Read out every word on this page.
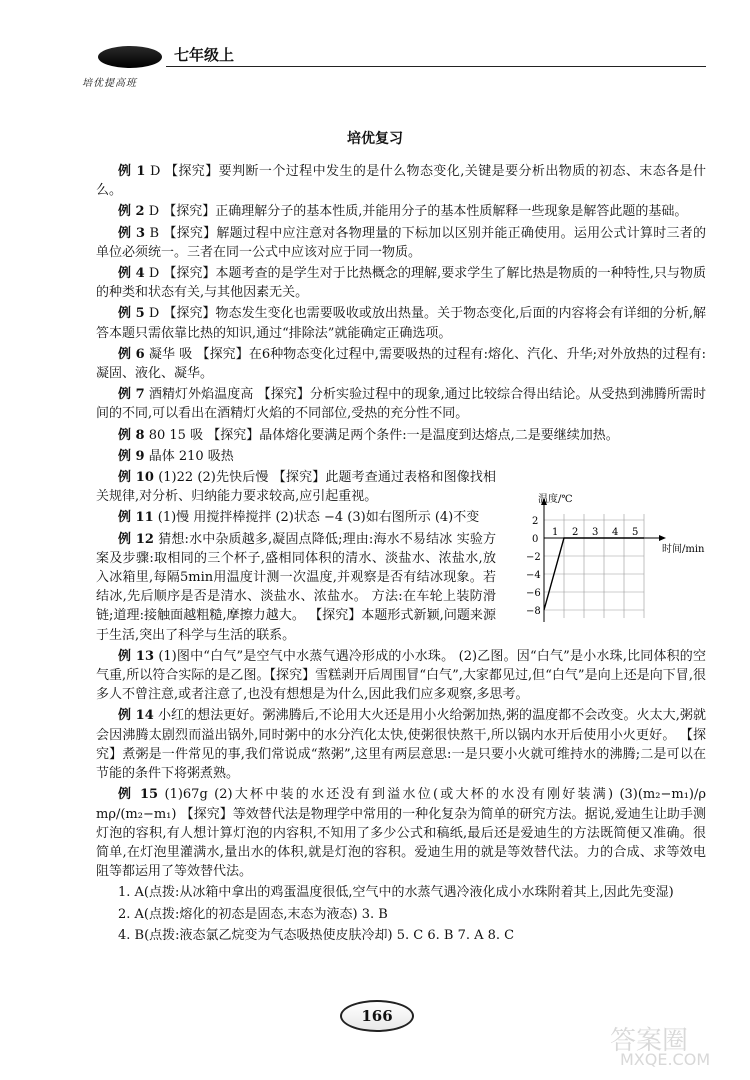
培优提高班
七年级上
培优复习
例 1 D 【探究】要判断一个过程中发生的是什么物态变化,关键是要分析出物质的初态、末态各是什么。
例 2 D 【探究】正确理解分子的基本性质,并能用分子的基本性质解释一些现象是解答此题的基础。
例 3 B 【探究】解题过程中应注意对各物理量的下标加以区别并能正确使用。运用公式计算时三者的单位必须统一。三者在同一公式中应该对应于同一物质。
例 4 D 【探究】本题考查的是学生对于比热概念的理解,要求学生了解比热是物质的一种特性,只与物质的种类和状态有关,与其他因素无关。
例 5 D 【探究】物态发生变化也需要吸收或放出热量。关于物态变化,后面的内容将会有详细的分析,解答本题只需依靠比热的知识,通过“排除法”就能确定正确选项。
例 6 凝华 吸 【探究】在6种物态变化过程中,需要吸热的过程有:熔化、汽化、升华;对外放热的过程有:凝固、液化、凝华。
例 7 酒精灯外焰温度高 【探究】分析实验过程中的现象,通过比较综合得出结论。从受热到沸腾所需时间的不同,可以看出在酒精灯火焰的不同部位,受热的充分性不同。
例 8 80 15 吸 【探究】晶体熔化要满足两个条件:一是温度到达熔点,二是要继续加热。
例 9 晶体 210 吸热
例 10 (1)22 (2)先快后慢 【探究】此题考查通过表格和图像找相关规律,对分析、归纳能力要求较高,应引起重视。
例 11 (1)慢 用搅拌棒搅拌 (2)状态 −4 (3)如右图所示 (4)不变
例 12 猜想:水中杂质越多,凝固点降低;理由:海水不易结冰 实验方案及步骤:取相同的三个杯子,盛相同体积的清水、淡盐水、浓盐水,放入冰箱里,每隔5min用温度计测一次温度,并观察是否有结冰现象。若结冰,先后顺序是否是清水、淡盐水、浓盐水。 方法:在车轮上装防滑链;道理:接触面越粗糙,摩擦力越大。 【探究】本题形式新颖,问题来源于生活,突出了科学与生活的联系。
例 13 (1)图中“白气”是空气中水蒸气遇冷形成的小水珠。 (2)乙图。因“白气”是小水珠,比同体积的空气重,所以符合实际的是乙图。【探究】雪糕剥开后周围冒“白气”,大家都见过,但“白气”是向上还是向下冒,很多人不曾注意,或者注意了,也没有想想是为什么,因此我们应多观察,多思考。
例 14 小红的想法更好。粥沸腾后,不论用大火还是用小火给粥加热,粥的温度都不会改变。火太大,粥就会因沸腾太剧烈而溢出锅外,同时粥中的水分汽化太快,使粥很快熬干,所以锅内水开后使用小火更好。 【探究】煮粥是一件常见的事,我们常说成“熬粥”,这里有两层意思:一是只要小火就可维持水的沸腾;二是可以在节能的条件下将粥煮熟。
例 15 (1)67g (2)大杯中装的水还没有到溢水位(或大杯的水没有刚好装满) (3)(m₂−m₁)/ρ mρ/(m₂−m₁) 【探究】等效替代法是物理学中常用的一种化复杂为简单的研究方法。据说,爱迪生让助手测灯泡的容积,有人想计算灯泡的内容积,不知用了多少公式和稿纸,最后还是爱迪生的方法既简便又准确。很简单,在灯泡里灌满水,量出水的体积,就是灯泡的容积。爱迪生用的就是等效替代法。力的合成、求等效电阻等都运用了等效替代法。
1. A(点拨:从冰箱中拿出的鸡蛋温度很低,空气中的水蒸气遇冷液化成小水珠附着其上,因此先变湿)
2. A(点拨:熔化的初态是固态,末态为液态) 3. B
4. B(点拨:液态氯乙烷变为气态吸热使皮肤冷却) 5. C 6. B 7. A 8. C
温度/℃
时间/min
2
0
−2
−4
−6
−8
1 2 3 4 5
166
答案圈
MXQE.COM
